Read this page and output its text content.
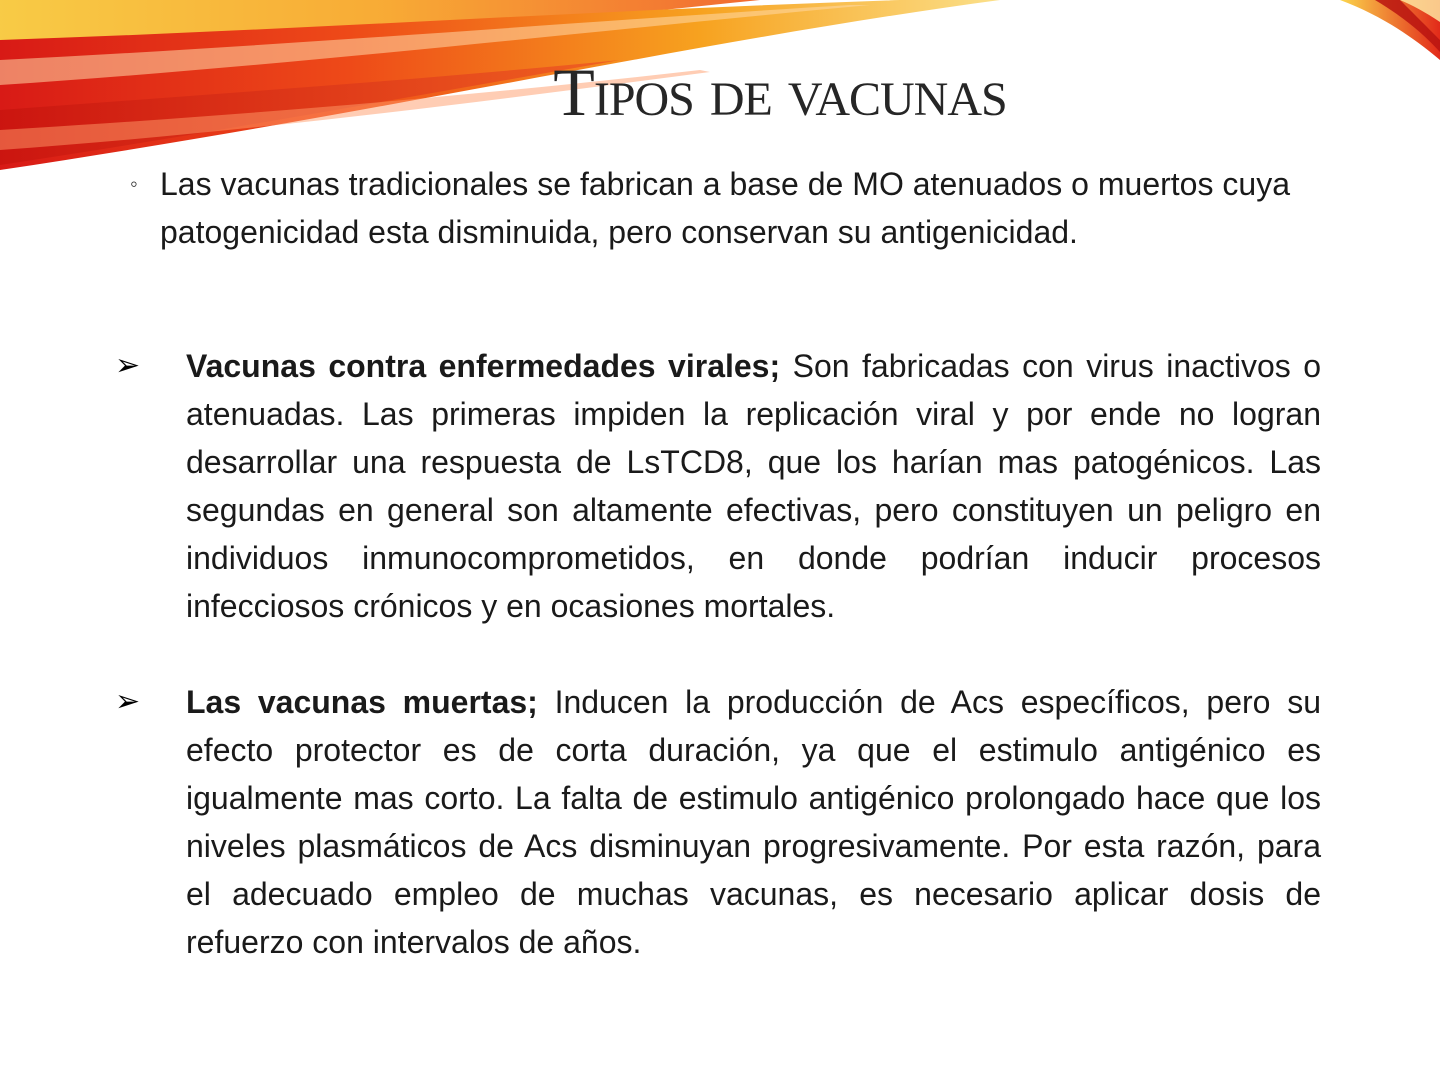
Tipos de vacunas
◦ Las vacunas tradicionales se fabrican a base de MO atenuados o muertos cuya patogenicidad esta disminuida, pero conservan su antigenicidad.
➢	Vacunas contra enfermedades virales; Son fabricadas con virus inactivos o atenuadas. Las primeras impiden la replicación viral y por ende no logran desarrollar una respuesta de LsTCD8, que los harían mas patogénicos. Las segundas en general son altamente efectivas, pero constituyen un peligro en individuos inmunocomprometidos, en donde podrían inducir procesos infecciosos crónicos y en ocasiones mortales.
➢	Las vacunas muertas; Inducen la producción de Acs específicos, pero su efecto protector es de corta duración, ya que el estimulo antigénico es igualmente mas corto. La falta de estimulo antigénico prolongado hace que los niveles plasmáticos de Acs disminuyan progresivamente. Por esta razón, para el adecuado empleo de muchas vacunas, es necesario aplicar dosis de refuerzo con intervalos de años.
